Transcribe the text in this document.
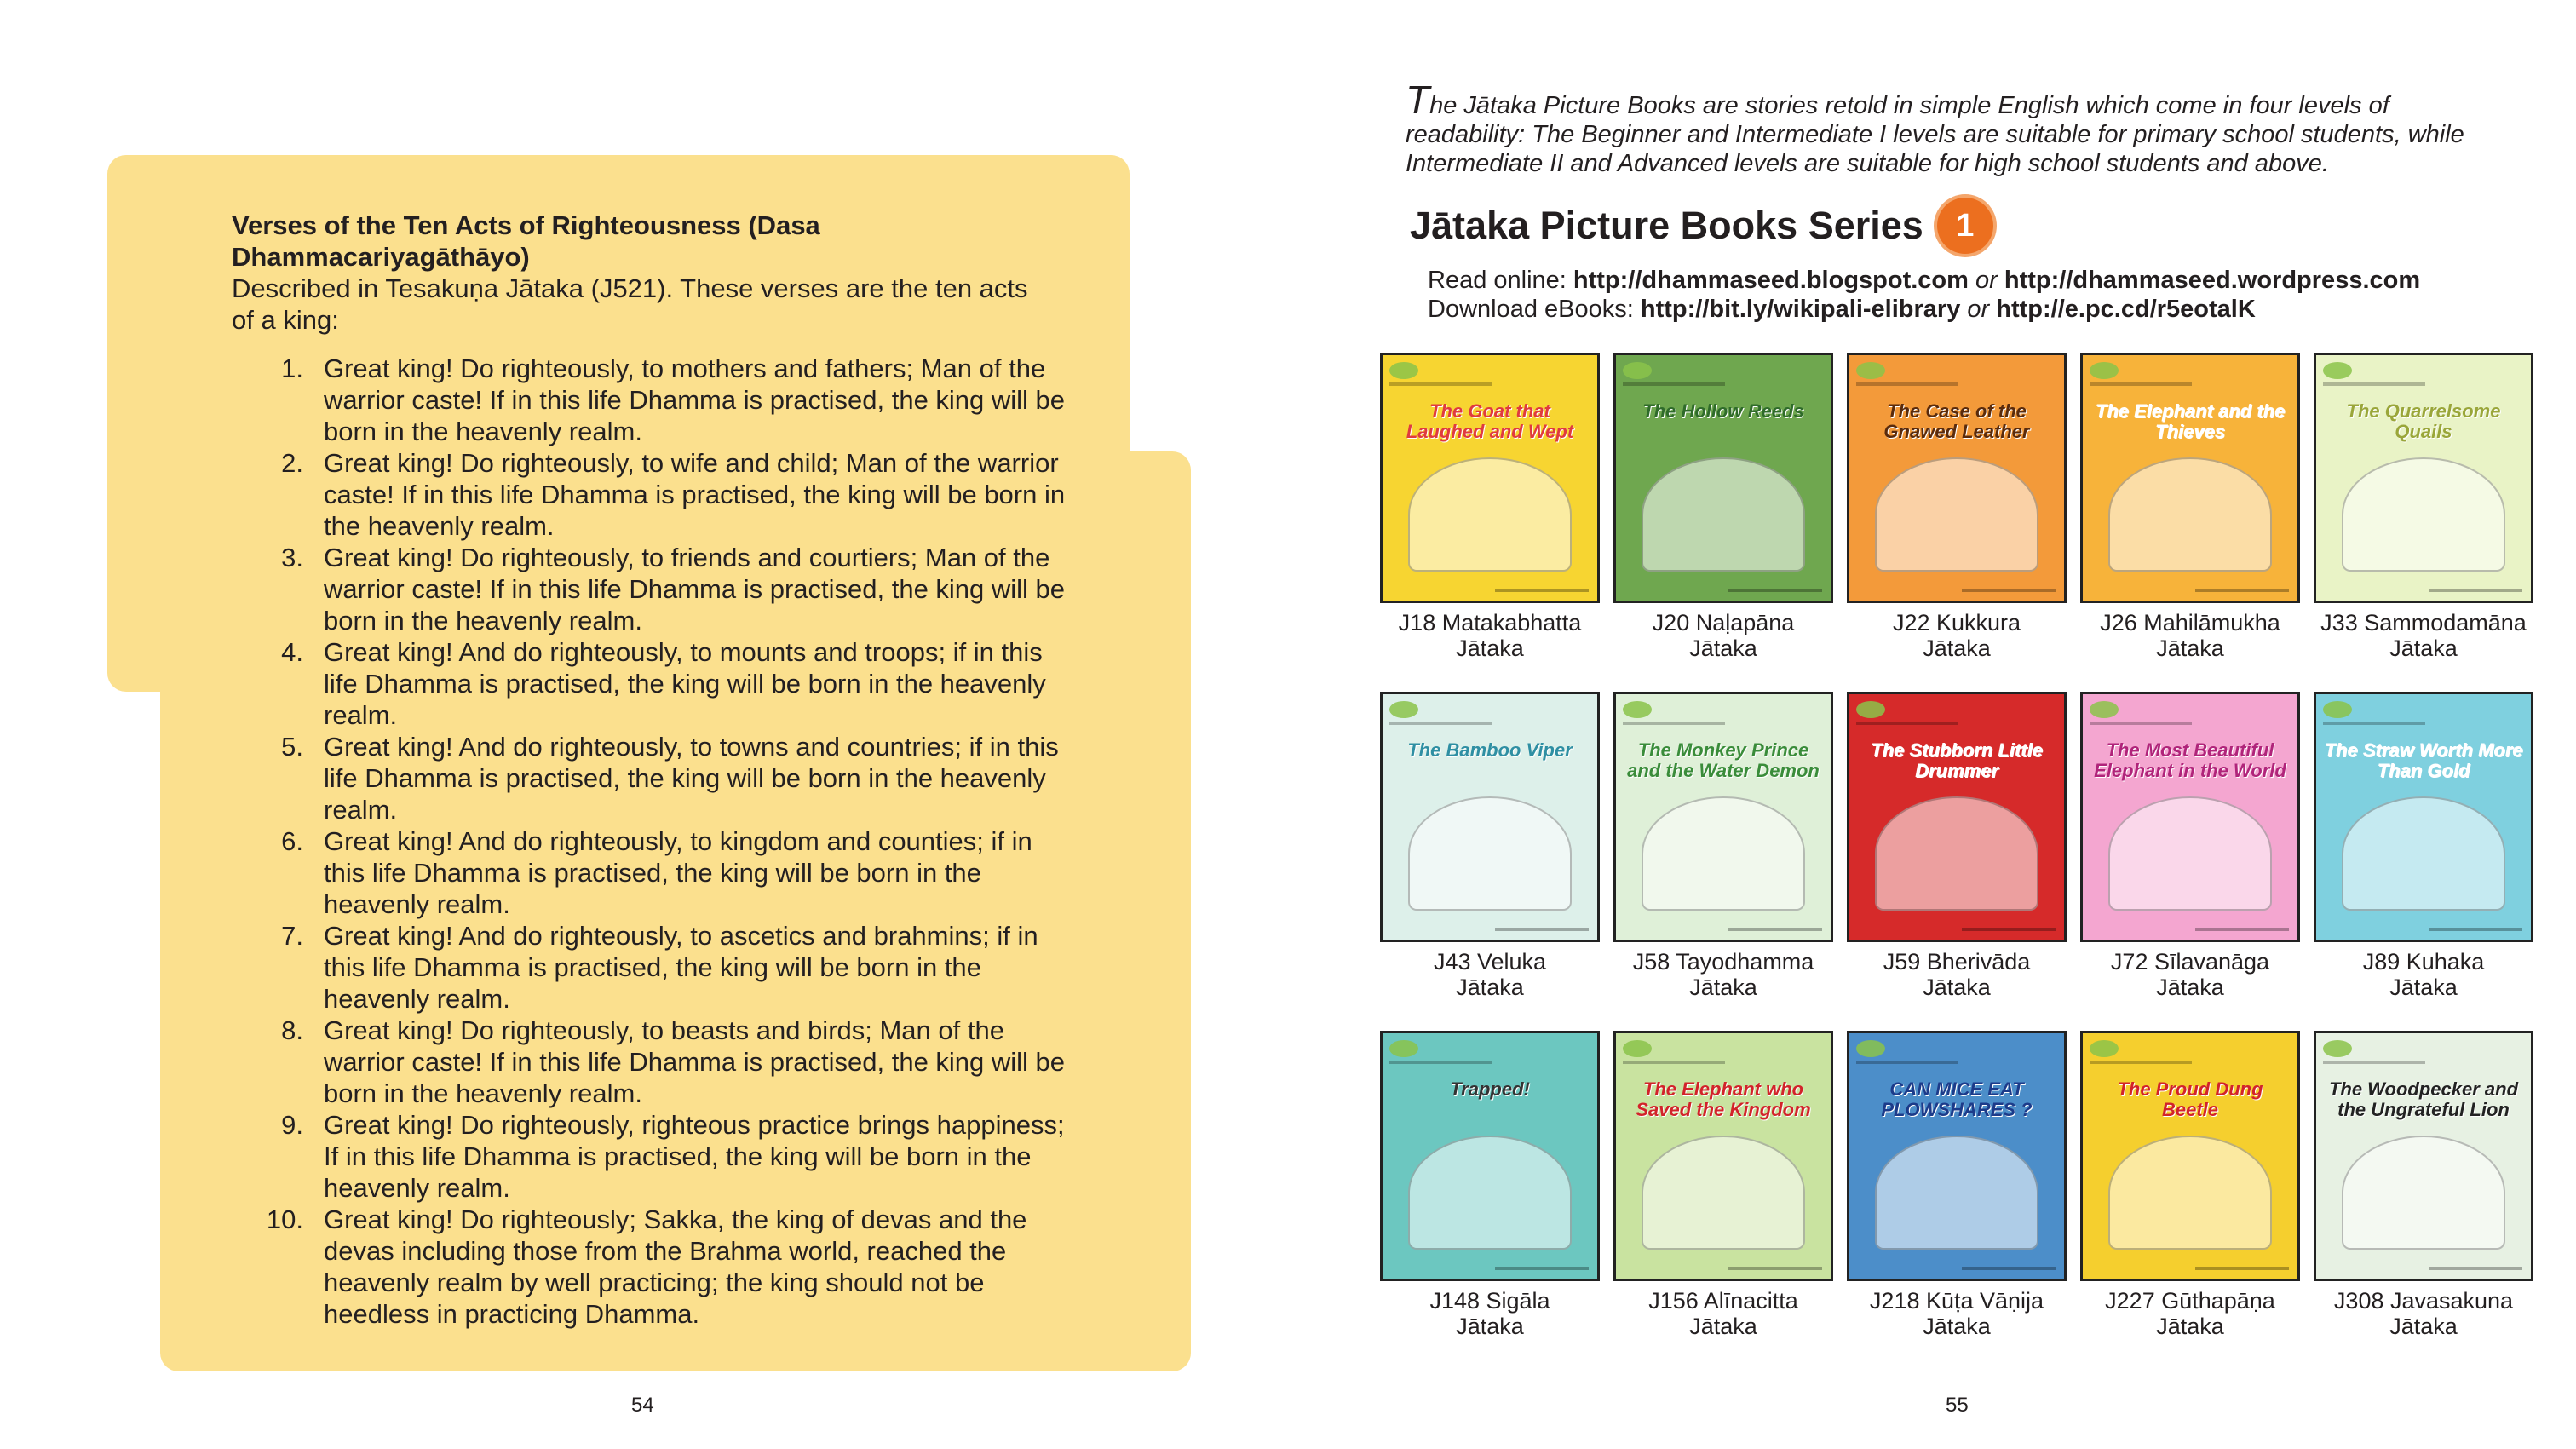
Verses of the Ten Acts of Righteousness (Dasa Dhammacariyagāthāyo)

Described in Tesakuṇa Jātaka (J521). These verses are the ten acts of a king:

1. Great king! Do righteously, to mothers and fathers; Man of the warrior caste! If in this life Dhamma is practised, the king will be born in the heavenly realm.
2. Great king! Do righteously, to wife and child; Man of the warrior caste! If in this life Dhamma is practised, the king will be born in the heavenly realm.
3. Great king! Do righteously, to friends and courtiers; Man of the warrior caste! If in this life Dhamma is practised, the king will be born in the heavenly realm.
4. Great king! And do righteously, to mounts and troops; if in this life Dhamma is practised, the king will be born in the heavenly realm.
5. Great king! And do righteously, to towns and countries; if in this life Dhamma is practised, the king will be born in the heavenly realm.
6. Great king! And do righteously, to kingdom and counties; if in this life Dhamma is practised, the king will be born in the heavenly realm.
7. Great king! And do righteously, to ascetics and brahmins; if in this life Dhamma is practised, the king will be born in the heavenly realm.
8. Great king! Do righteously, to beasts and birds; Man of the warrior caste! If in this life Dhamma is practised, the king will be born in the heavenly realm.
9. Great king! Do righteously, righteous practice brings happiness; If in this life Dhamma is practised, the king will be born in the heavenly realm.
10. Great king! Do righteously; Sakka, the king of devas and the devas including those from the Brahma world, reached the heavenly realm by well practicing; the king should not be heedless in practicing Dhamma.
54
The Jātaka Picture Books are stories retold in simple English which come in four levels of readability: The Beginner and Intermediate I levels are suitable for primary school students, while Intermediate II and Advanced levels are suitable for high school students and above.
Jātaka Picture Books Series	1
Read online: http://dhammaseed.blogspot.com or http://dhammaseed.wordpress.com
Download eBooks: http://bit.ly/wikipali-elibrary or http://e.pc.cd/r5eotalK
The Goat that Laughed and Wept
J18 Matakabhatta
Jātaka
The Hollow Reeds
J20 Naḷapāna
Jātaka
The Case of the Gnawed Leather
J22 Kukkura
Jātaka
The Elephant and the Thieves
J26 Mahilāmukha
Jātaka
The Quarrelsome Quails
J33 Sammodamāna
Jātaka
The Bamboo Viper
J43 Veluka
Jātaka
The Monkey Prince and the Water Demon
J58 Tayodhamma
Jātaka
The Stubborn Little Drummer
J59 Bherivāda
Jātaka
The Most Beautiful Elephant in the World
J72 Sīlavanāga
Jātaka
The Straw Worth More Than Gold
J89 Kuhaka
Jātaka
Trapped!
J148 Sigāla
Jātaka
The Elephant who Saved the Kingdom
J156 Alīnacitta
Jātaka
CAN MICE EAT PLOWSHARES ?
J218 Kūṭa Vāṇija
Jātaka
The Proud Dung Beetle
J227 Gūthapāṇa
Jātaka
The Woodpecker and the Ungrateful Lion
J308 Javasakuna
Jātaka
55
